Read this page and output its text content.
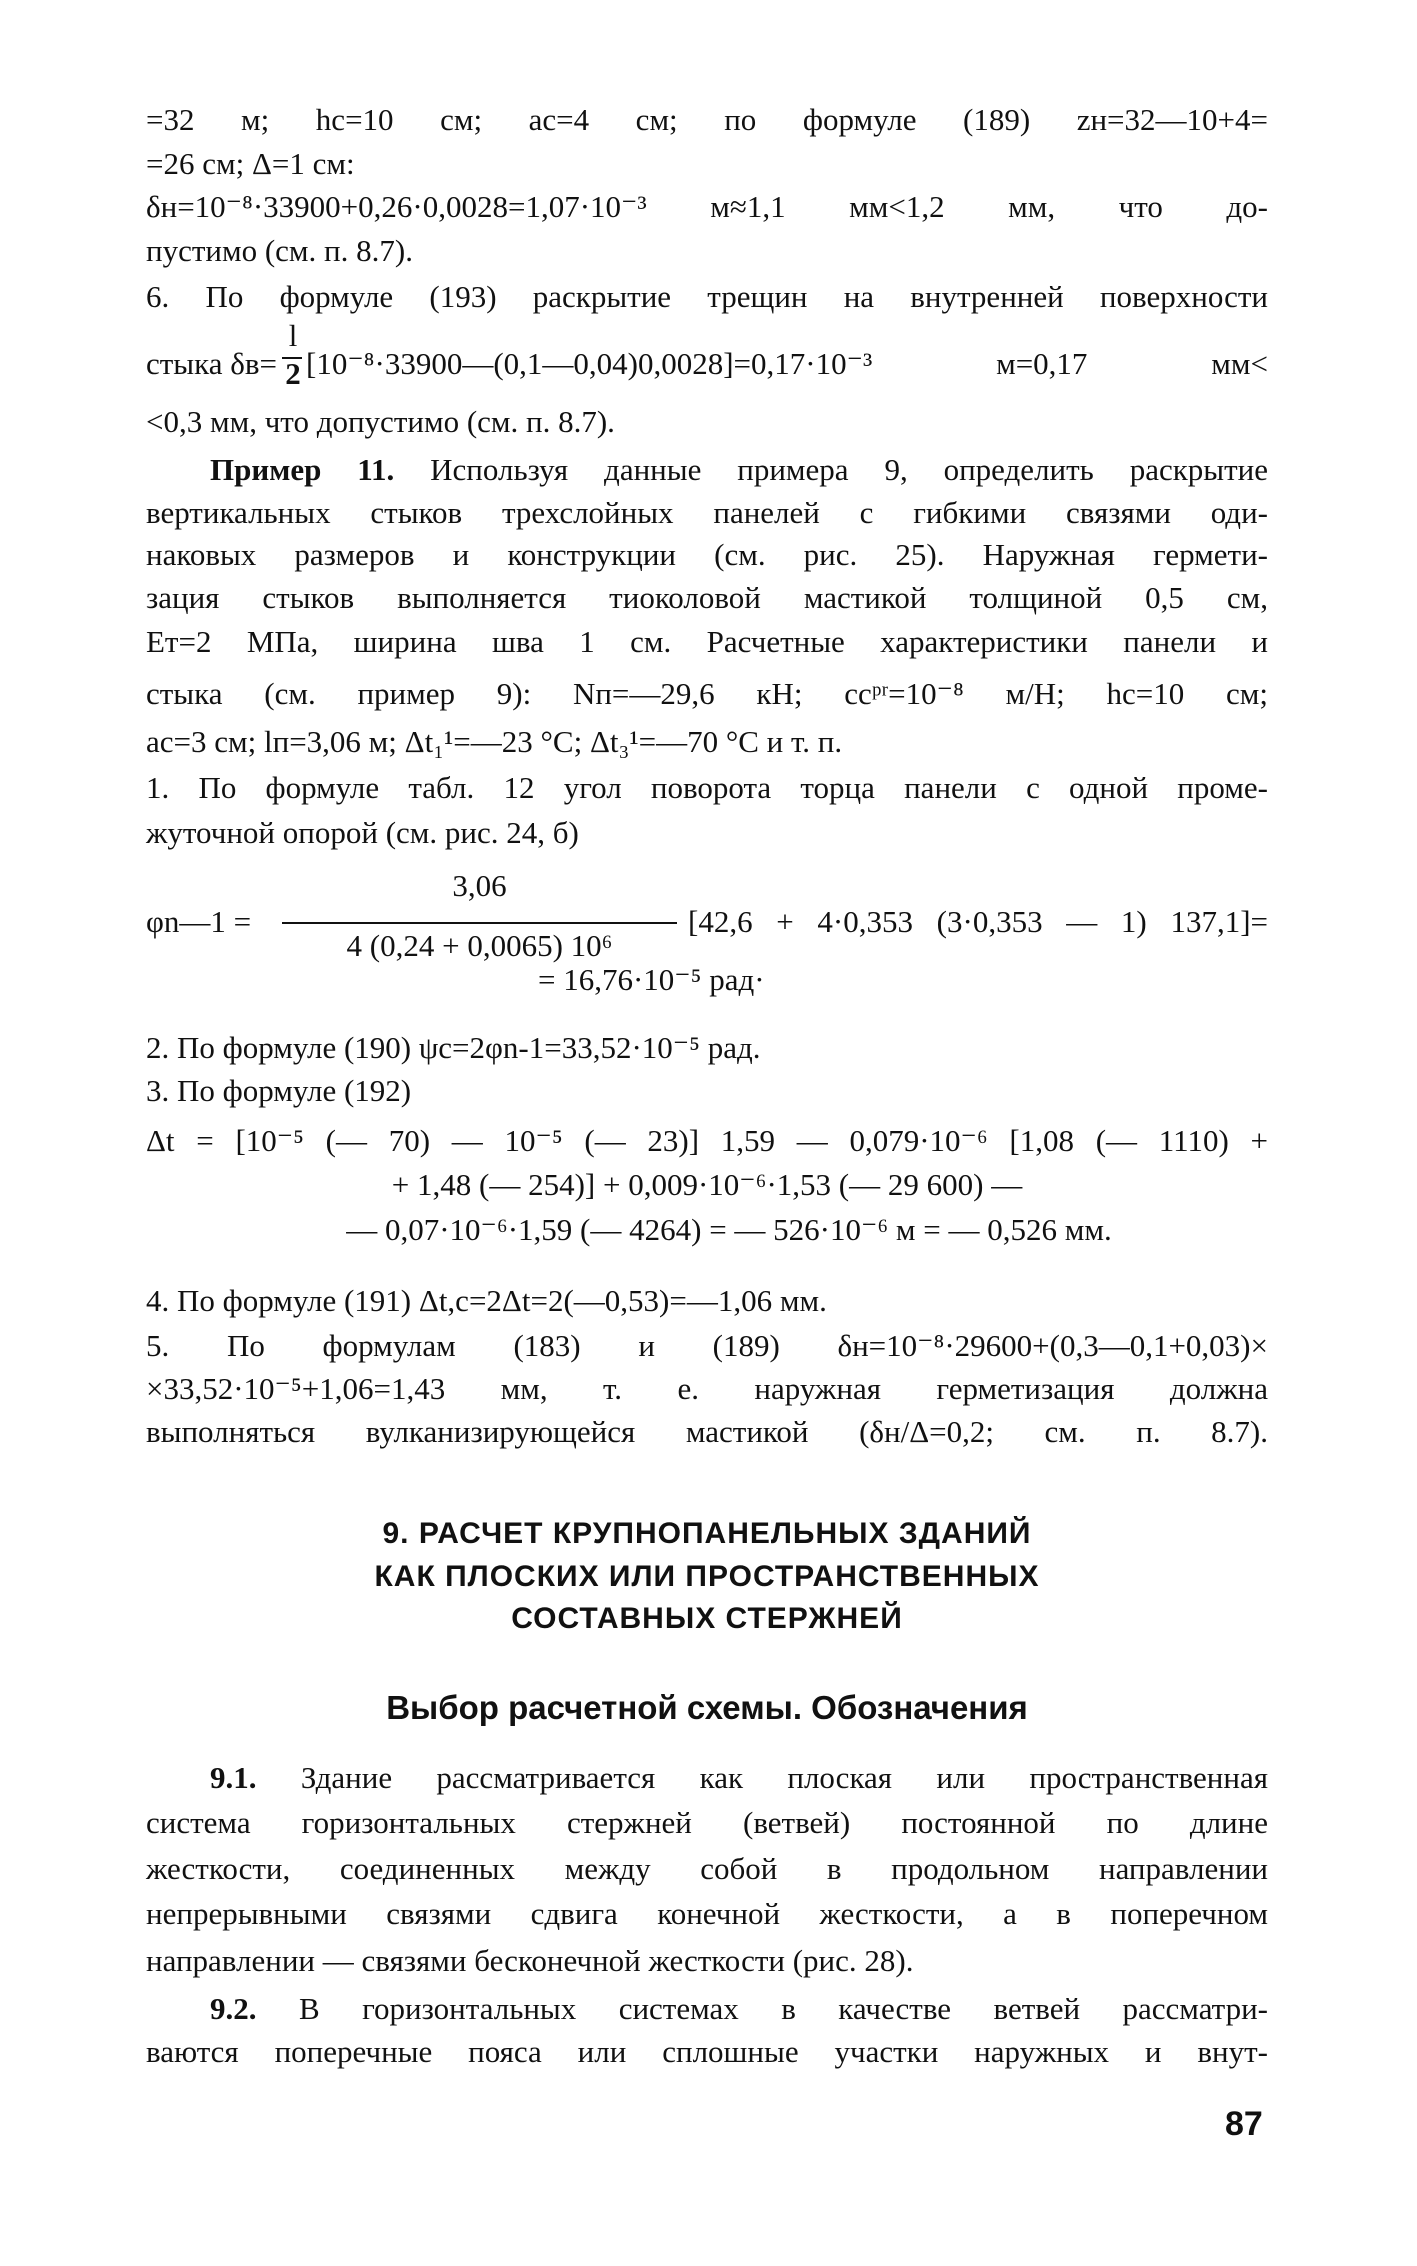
=32 м; hс=10 см; aс=4 см; по формуле (189) zн=32—10+4=
=26 см; Δ=1 см:
δн=10⁻⁸·33900+0,26·0,0028=1,07·10⁻³ м≈1,1 мм<1,2 мм, что до-
пустимо (см. п. 8.7).
6. По формуле (193) раскрытие трещин на внутренней поверхности
стыка δв=
l
2 [10⁻⁸·33900—(0,1—0,04)0,0028]=0,17·10⁻³ м=0,17 мм<
<0,3 мм, что допустимо (см. п. 8.7).
Пример 11. Используя данные примера 9, определить раскрытие
вертикальных стыков трехслойных панелей с гибкими связями оди-
наковых размеров и конструкции (см. рис. 25). Наружная гермети-
зация стыков выполняется тиоколовой мастикой толщиной 0,5 см,
Eт=2 МПа, ширина шва 1 см. Расчетные характеристики панели и
стыка (см. пример 9): Nп=—29,6 кН; cсᵖʳ=10⁻⁸ м/Н; hс=10 см;
aс=3 см; lп=3,06 м; Δt₁¹=—23 °С; Δt₃¹=—70 °С и т. п.
1. По формуле табл. 12 угол поворота торца панели с одной проме-
жуточной опорой (см. рис. 24, б)
φn—1 =
3,06
4 (0,24 + 0,0065) 10⁶
[42,6 + 4·0,353 (3·0,353 — 1) 137,1]=
= 16,76·10⁻⁵ рад·
2. По формуле (190) ψс=2φn-1=33,52·10⁻⁵ рад.
3. По формуле (192)
Δt = [10⁻⁵ (— 70) — 10⁻⁵ (— 23)] 1,59 — 0,079·10⁻⁶ [1,08 (— 1110) +
+ 1,48 (— 254)] + 0,009·10⁻⁶·1,53 (— 29 600) —
— 0,07·10⁻⁶·1,59 (— 4264) = — 526·10⁻⁶ м = — 0,526 мм.
4. По формуле (191) Δt,c=2Δt=2(—0,53)=—1,06 мм.
5. По формулам (183) и (189) δн=10⁻⁸·29600+(0,3—0,1+0,03)×
×33,52·10⁻⁵+1,06=1,43 мм, т. е. наружная герметизация должна
выполняться вулканизирующейся мастикой (δн/Δ=0,2; см. п. 8.7).
9. РАСЧЕТ КРУПНОПАНЕЛЬНЫХ ЗДАНИЙ
КАК ПЛОСКИХ ИЛИ ПРОСТРАНСТВЕННЫХ
СОСТАВНЫХ СТЕРЖНЕЙ
Выбор расчетной схемы. Обозначения
9.1. Здание рассматривается как плоская или пространственная
система горизонтальных стержней (ветвей) постоянной по длине
жесткости, соединенных между собой в продольном направлении
непрерывными связями сдвига конечной жесткости, а в поперечном
направлении — связями бесконечной жесткости (рис. 28).
9.2. В горизонтальных системах в качестве ветвей рассматри-
ваются поперечные пояса или сплошные участки наружных и внут-
87
